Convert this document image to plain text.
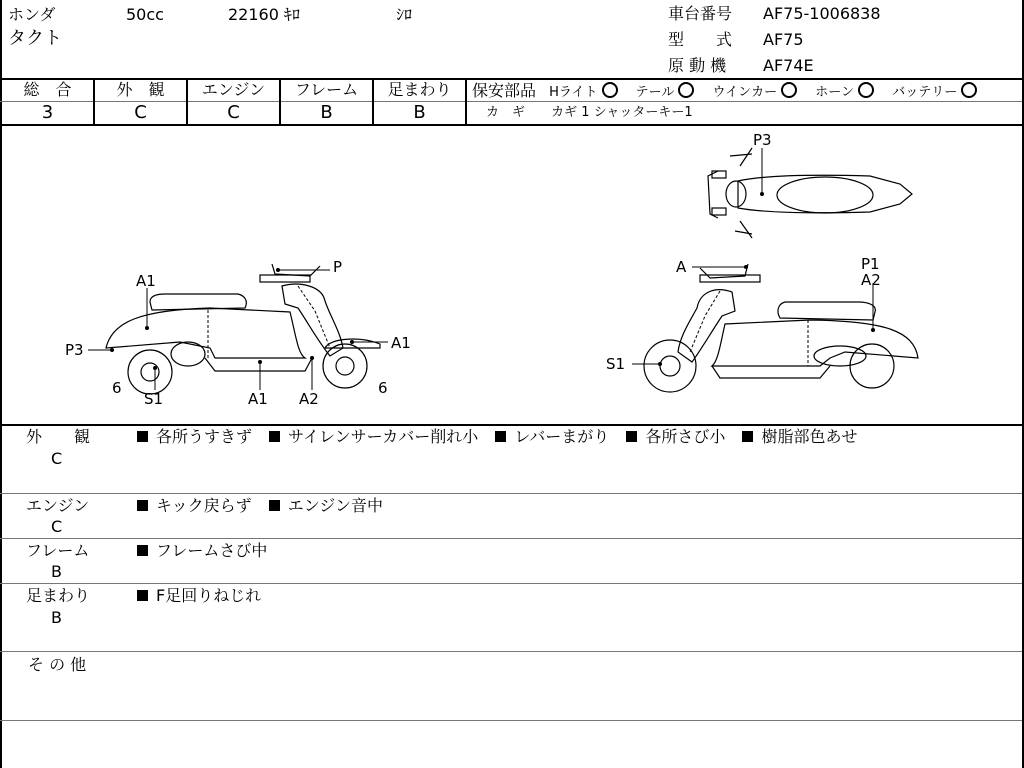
ホンダ	50cc	22160 ｷﾛ	ｼﾛ
タクト
車台番号 AF75-1006838
型　　式 AF75
原 動 機 AF74E
総　合	外　観	エンジン	フレーム	足まわり
3	C	C	B	B
保安部品 Hライト	テール	ウインカー	ホーン	バッテリー
カ　ギ カギ 1 シャッターキー1
A1
P
P3	A1
6
S1	A1 A2
6
A	P1
A2
S1
P3
外　　観
C
各所うすきず サイレンサーカバー削れ小 レバーまがり 各所さび小 樹脂部色あせ
エンジン
C
キック戻らず エンジン音中
フレーム
B
フレームさび中
足まわり
B
F足回りねじれ
そ の 他
